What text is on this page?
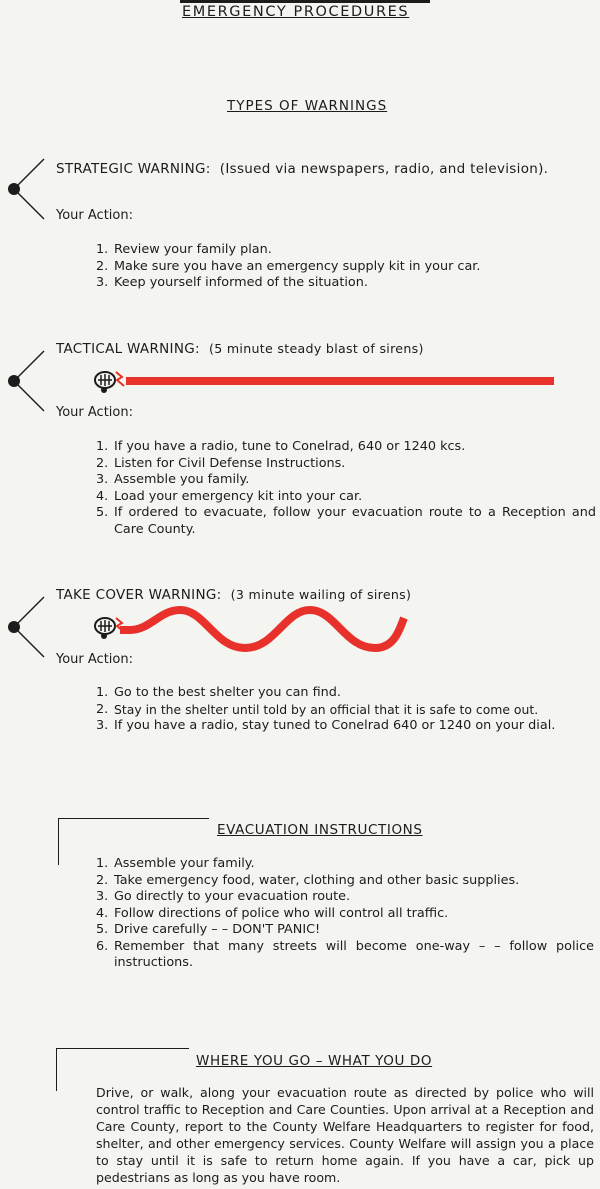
EMERGENCY PROCEDURES
TYPES OF WARNINGS
STRATEGIC WARNING: (Issued via newspapers, radio, and television).
Your Action:
1. Review your family plan.
2. Make sure you have an emergency supply kit in your car.
3. Keep yourself informed of the situation.
TACTICAL WARNING: (5 minute steady blast of sirens)
Your Action:
1. If you have a radio, tune to Conelrad, 640 or 1240 kcs.
2. Listen for Civil Defense Instructions.
3. Assemble you family.
4. Load your emergency kit into your car.
5. If ordered to evacuate, follow your evacuation route to a Reception and Care County.
TAKE COVER WARNING: (3 minute wailing of sirens)
Your Action:
1. Go to the best shelter you can find.
2. Stay in the shelter until told by an official that it is safe to come out.
3. If you have a radio, stay tuned to Conelrad 640 or 1240 on your dial.
EVACUATION INSTRUCTIONS
1. Assemble your family.
2. Take emergency food, water, clothing and other basic supplies.
3. Go directly to your evacuation route.
4. Follow directions of police who will control all traffic.
5. Drive carefully – – DON'T PANIC!
6. Remember that many streets will become one-way – – follow police instructions.
WHERE YOU GO – WHAT YOU DO
Drive, or walk, along your evacuation route as directed by police who will control traffic to Reception and Care Counties. Upon arrival at a Reception and Care County, report to the County Welfare Headquarters to register for food, shelter, and other emergency services. County Welfare will assign you a place to stay until it is safe to return home again. If you have a car, pick up pedestrians as long as you have room.
